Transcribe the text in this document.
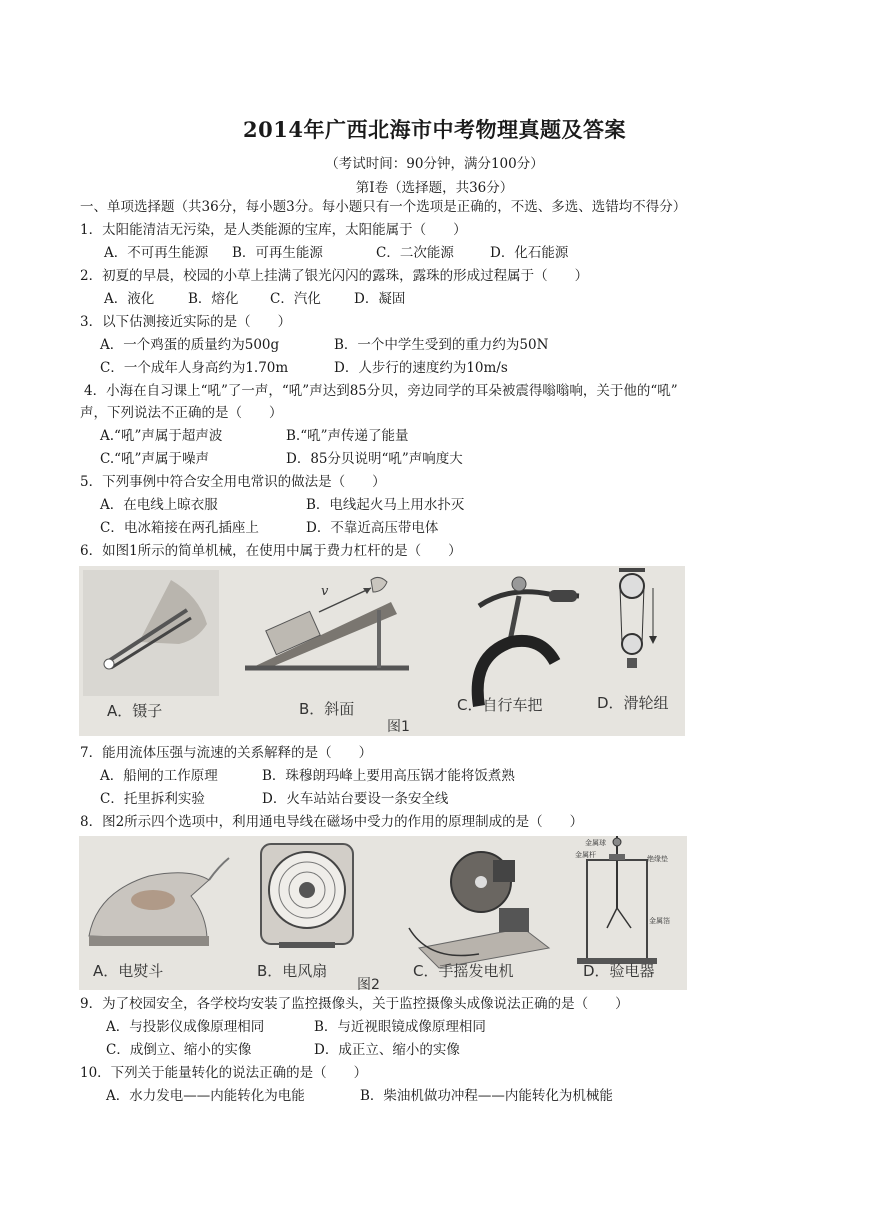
2014年广西北海市中考物理真题及答案
（考试时间：90分钟，满分100分）
第Ⅰ卷（选择题，共36分）
一、单项选择题（共36分，每小题3分。每小题只有一个选项是正确的，不选、多选、选错均不得分）
1．太阳能清洁无污染，是人类能源的宝库，太阳能属于（　　）
A．不可再生能源 B．可再生能源	C．二次能源	D．化石能源
2．初夏的早晨，校园的小草上挂满了银光闪闪的露珠，露珠的形成过程属于（　　）
A．液化	B．熔化 C．汽化 D．凝固
3．以下估测接近实际的是（　　）
A．一个鸡蛋的质量约为500g	B．一个中学生受到的重力约为50N
C．一个成年人身高约为1.70m	D．人步行的速度约为10m/s
4．小海在自习课上“吼”了一声，“吼”声达到85分贝，旁边同学的耳朵被震得嗡嗡响，关于他的“吼”
声，下列说法不正确的是（　　）
A.“吼”声属于超声波	B.“吼”声传递了能量
C.“吼”声属于噪声	D．85分贝说明“吼”声响度大
5．下列事例中符合安全用电常识的做法是（　　）
A．在电线上晾衣服	B．电线起火马上用水扑灭
C．电冰箱接在两孔插座上	D．不靠近高压带电体
6．如图1所示的简单机械，在使用中属于费力杠杆的是（　　）
A．镊子	B．斜面	C．自行车把	D．滑轮组
图1
v
7．能用流体压强与流速的关系解释的是（　　）
A．船闸的工作原理	B．珠穆朗玛峰上要用高压锅才能将饭煮熟
C．托里拆利实验	D．火车站站台要设一条安全线
8．图2所示四个选项中，利用通电导线在磁场中受力的作用的原理制成的是（　　）
金属球
金属杆	绝缘垫
金属箔
A．电熨斗	B．电风扇	C．手摇发电机	D．验电器
图2
9．为了校园安全，各学校均安装了监控摄像头，关于监控摄像头成像说法正确的是（　　）
A．与投影仪成像原理相同	B．与近视眼镜成像原理相同
C．成倒立、缩小的实像	D．成正立、缩小的实像
10．下列关于能量转化的说法正确的是（　　）
A．水力发电——内能转化为电能	B．柴油机做功冲程——内能转化为机械能
